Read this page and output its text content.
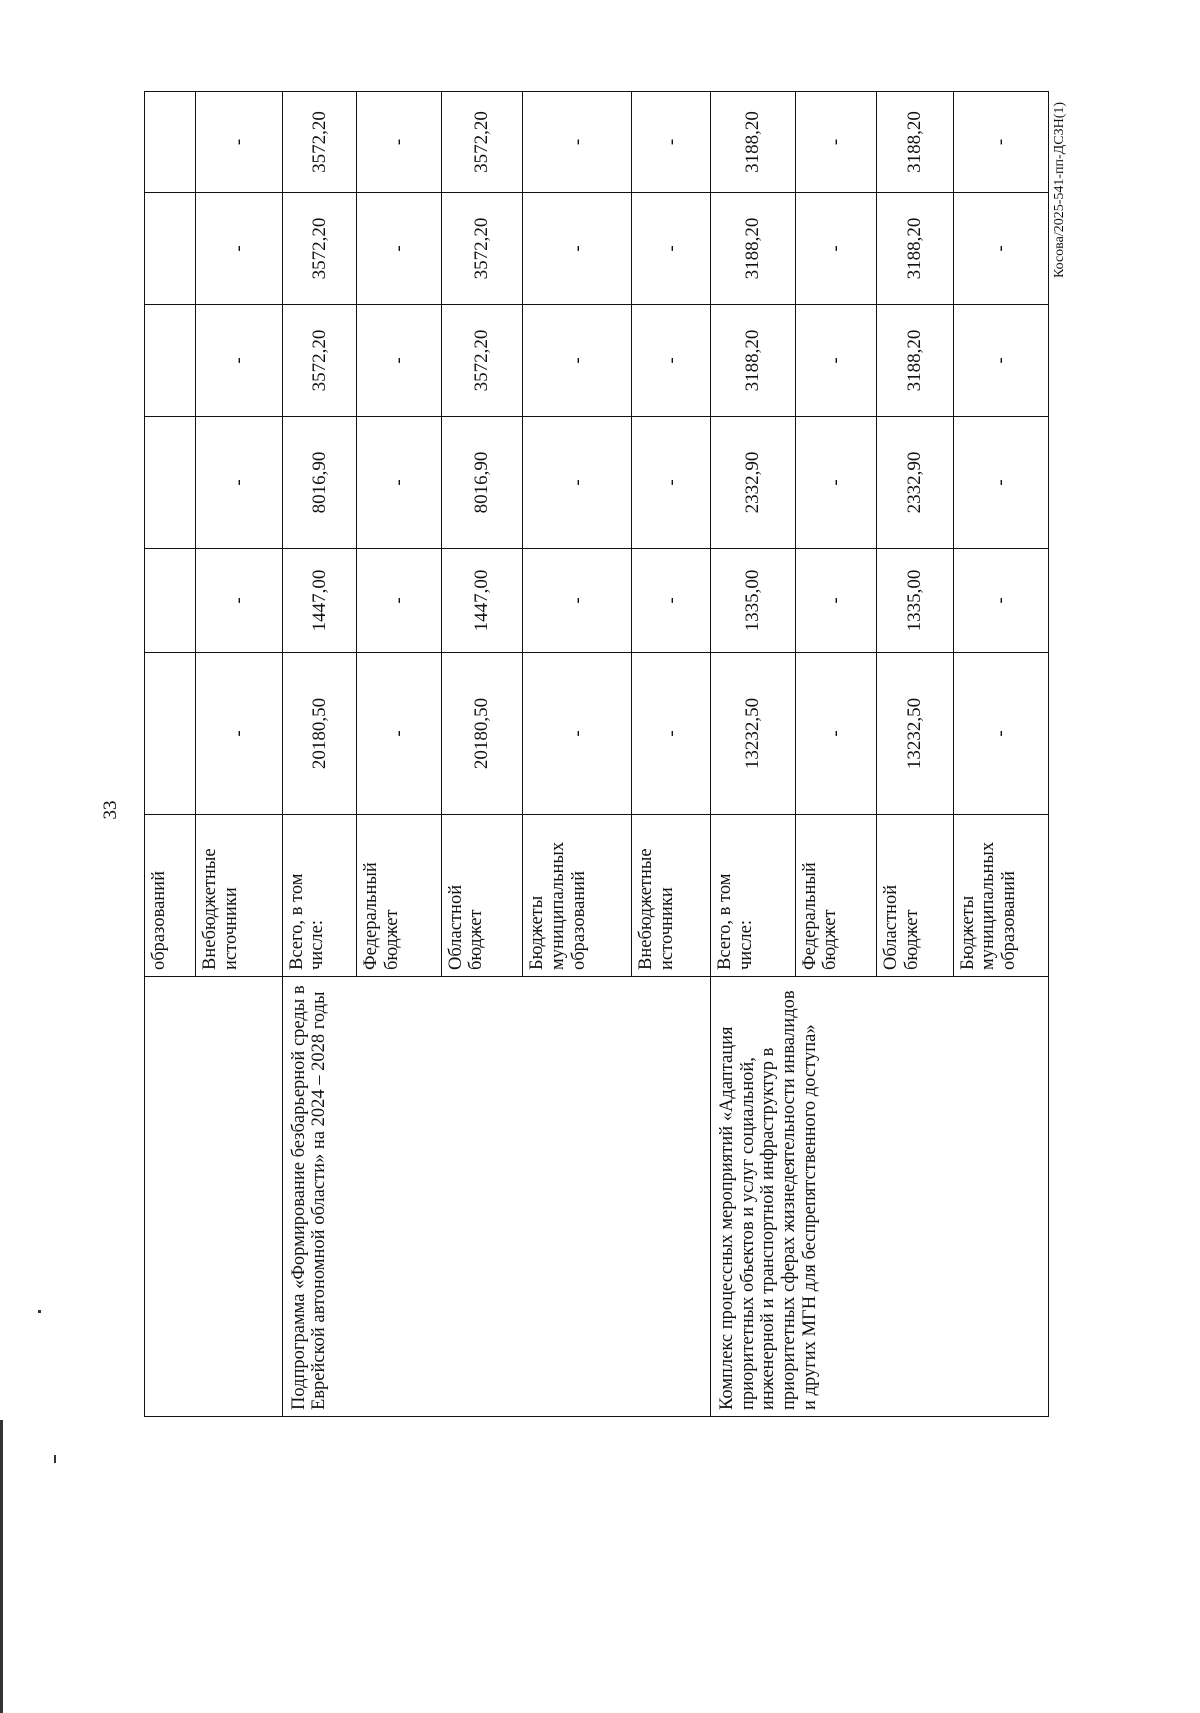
33
Косова/2025-541-пп-ДСЗН(1)
	образований						
	Внебюджетные источники	-	-	-	-	-	-
Подпрограмма «Формирование безбарьерной среды в Еврейской автономной области» на 2024 – 2028 годы	Всего, в том числе:	20180,50	1447,00	8016,90	3572,20	3572,20	3572,20
	Федеральный бюджет	-	-	-	-	-	-
	Областной бюджет	20180,50	1447,00	8016,90	3572,20	3572,20	3572,20
	Бюджеты муниципальных образований	-	-	-	-	-	-
	Внебюджетные источники	-	-	-	-	-	-
Комплекс процессных мероприятий «Адаптация приоритетных объектов и услуг социальной, инженерной и транспортной инфраструктур в приоритетных сферах жизнедеятельности инвалидов и других МГН для беспрепятственного доступа»	Всего, в том числе:	13232,50	1335,00	2332,90	3188,20	3188,20	3188,20
	Федеральный бюджет	-	-	-	-	-	-
	Областной бюджет	13232,50	1335,00	2332,90	3188,20	3188,20	3188,20
	Бюджеты муниципальных образований	-	-	-	-	-	-
